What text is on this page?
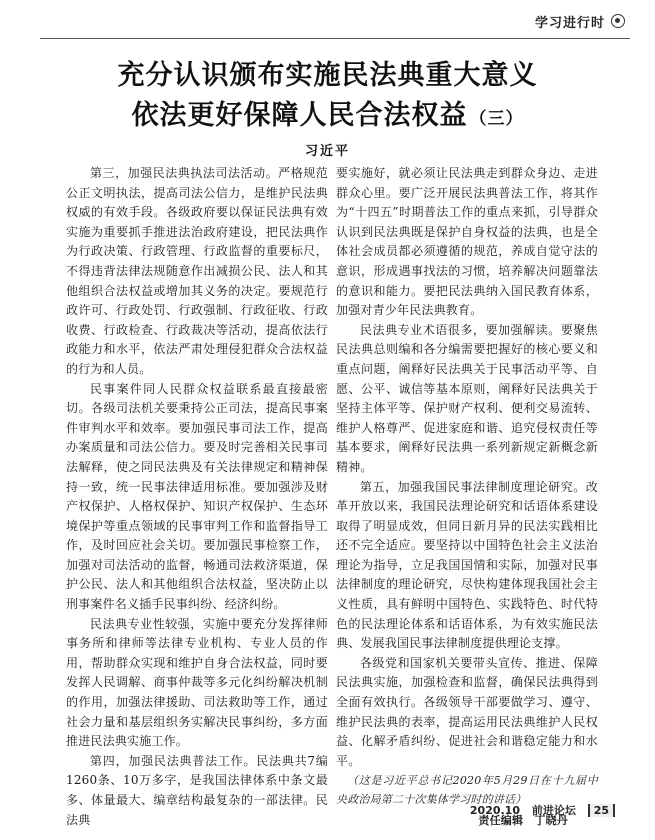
学习进行时
充分认识颁布实施民法典重大意义
依法更好保障人民合法权益 （三）
习近平

第三，加强民法典执法司法活动。严格规范公正文明执法，提高司法公信力，是维护民法典权威的有效手段。各级政府要以保证民法典有效实施为重要抓手推进法治政府建设，把民法典作为行政决策、行政管理、行政监督的重要标尺，不得违背法律法规随意作出减损公民、法人和其他组织合法权益或增加其义务的决定。要规范行政许可、行政处罚、行政强制、行政征收、行政收费、行政检查、行政裁决等活动，提高依法行政能力和水平，依法严肃处理侵犯群众合法权益的行为和人员。

民事案件同人民群众权益联系最直接最密切。各级司法机关要秉持公正司法，提高民事案件审判水平和效率。要加强民事司法工作，提高办案质量和司法公信力。要及时完善相关民事司法解释，使之同民法典及有关法律规定和精神保持一致，统一民事法律适用标准。要加强涉及财产权保护、人格权保护、知识产权保护、生态环境保护等重点领域的民事审判工作和监督指导工作，及时回应社会关切。要加强民事检察工作，加强对司法活动的监督，畅通司法救济渠道，保护公民、法人和其他组织合法权益，坚决防止以刑事案件名义插手民事纠纷、经济纠纷。

民法典专业性较强，实施中要充分发挥律师事务所和律师等法律专业机构、专业人员的作用，帮助群众实现和维护自身合法权益，同时要发挥人民调解、商事仲裁等多元化纠纷解决机制的作用，加强法律援助、司法救助等工作，通过社会力量和基层组织务实解决民事纠纷，多方面推进民法典实施工作。

第四，加强民法典普法工作。民法典共7编1260条、10万多字，是我国法律体系中条文最多、体量最大、编章结构最复杂的一部法律。民法典

要实施好，就必须让民法典走到群众身边、走进群众心里。要广泛开展民法典普法工作，将其作为“十四五”时期普法工作的重点来抓，引导群众认识到民法典既是保护自身权益的法典，也是全体社会成员都必须遵循的规范，养成自觉守法的意识，形成遇事找法的习惯，培养解决问题靠法的意识和能力。要把民法典纳入国民教育体系，加强对青少年民法典教育。

民法典专业术语很多，要加强解读。要聚焦民法典总则编和各分编需要把握好的核心要义和重点问题，阐释好民法典关于民事活动平等、自愿、公平、诚信等基本原则，阐释好民法典关于坚持主体平等、保护财产权利、便利交易流转、维护人格尊严、促进家庭和谐、追究侵权责任等基本要求，阐释好民法典一系列新规定新概念新精神。

第五，加强我国民事法律制度理论研究。改革开放以来，我国民法理论研究和话语体系建设取得了明显成效，但同日新月异的民法实践相比还不完全适应。要坚持以中国特色社会主义法治理论为指导，立足我国国情和实际，加强对民事法律制度的理论研究，尽快构建体现我国社会主义性质，具有鲜明中国特色、实践特色、时代特色的民法理论体系和话语体系，为有效实施民法典、发展我国民事法律制度提供理论支撑。

各级党和国家机关要带头宣传、推进、保障民法典实施，加强检查和监督，确保民法典得到全面有效执行。各级领导干部要做学习、遵守、维护民法典的表率，提高运用民法典维护人民权益、化解矛盾纠纷、促进社会和谐稳定能力和水平。

（这是习近平总书记2020年5月29日在十九届中央政治局第二十次集体学习时的讲话）

责任编辑　丁晓丹

2020.10 前进论坛 25
